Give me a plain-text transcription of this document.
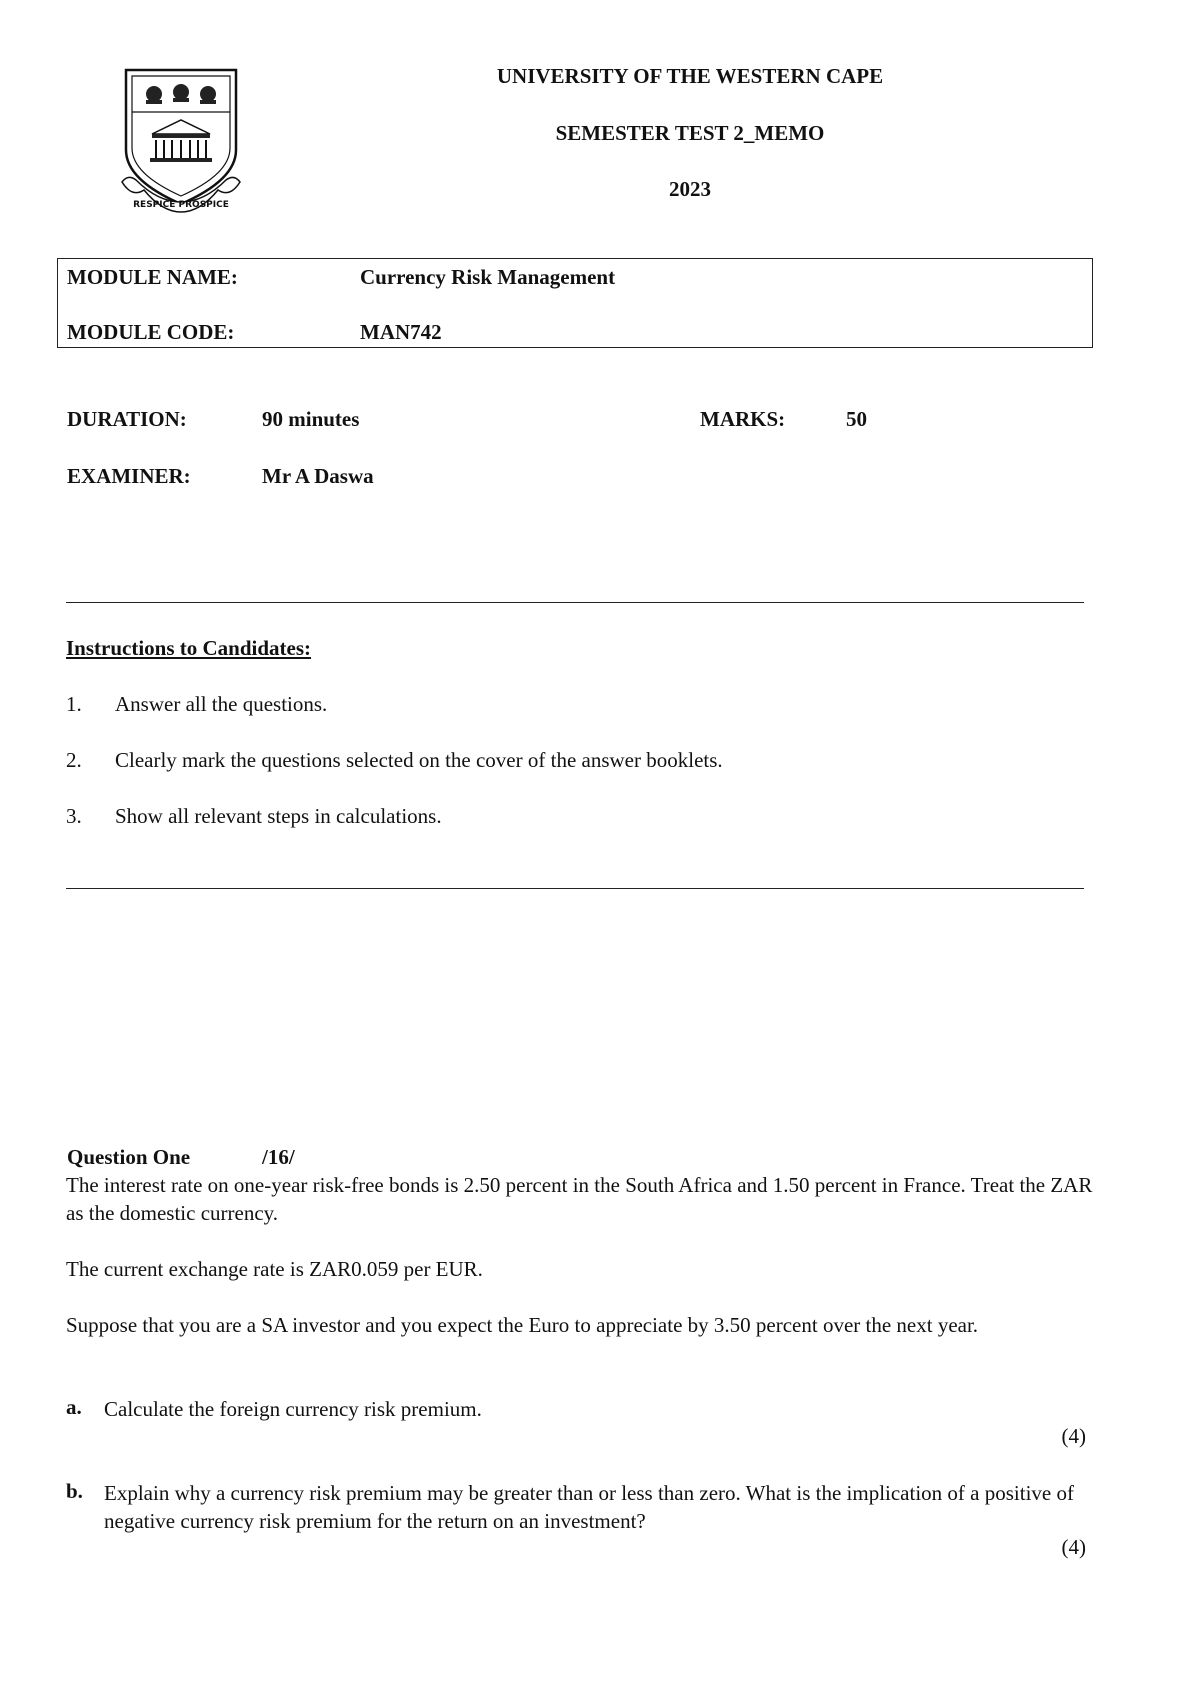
RESPICE PROSPICE
UNIVERSITY OF THE WESTERN CAPE
SEMESTER TEST 2_MEMO
2023
MODULE NAME:	Currency Risk Management
MODULE CODE:	MAN742
DURATION:	90 minutes	MARKS:	50
EXAMINER:	Mr A Daswa
Instructions to Candidates:
1. Answer all the questions.
2. Clearly mark the questions selected on the cover of the answer booklets.
3. Show all relevant steps in calculations.
Question One	/16/
The interest rate on one-year risk-free bonds is 2.50 percent in the South Africa and 1.50 percent in France. Treat the ZAR as the domestic currency.
The current exchange rate is ZAR0.059 per EUR.
Suppose that you are a SA investor and you expect the Euro to appreciate by 3.50 percent over the next year.
a. Calculate the foreign currency risk premium.
(4)
b. Explain why a currency risk premium may be greater than or less than zero. What is the implication of a positive of negative currency risk premium for the return on an investment?
(4)
